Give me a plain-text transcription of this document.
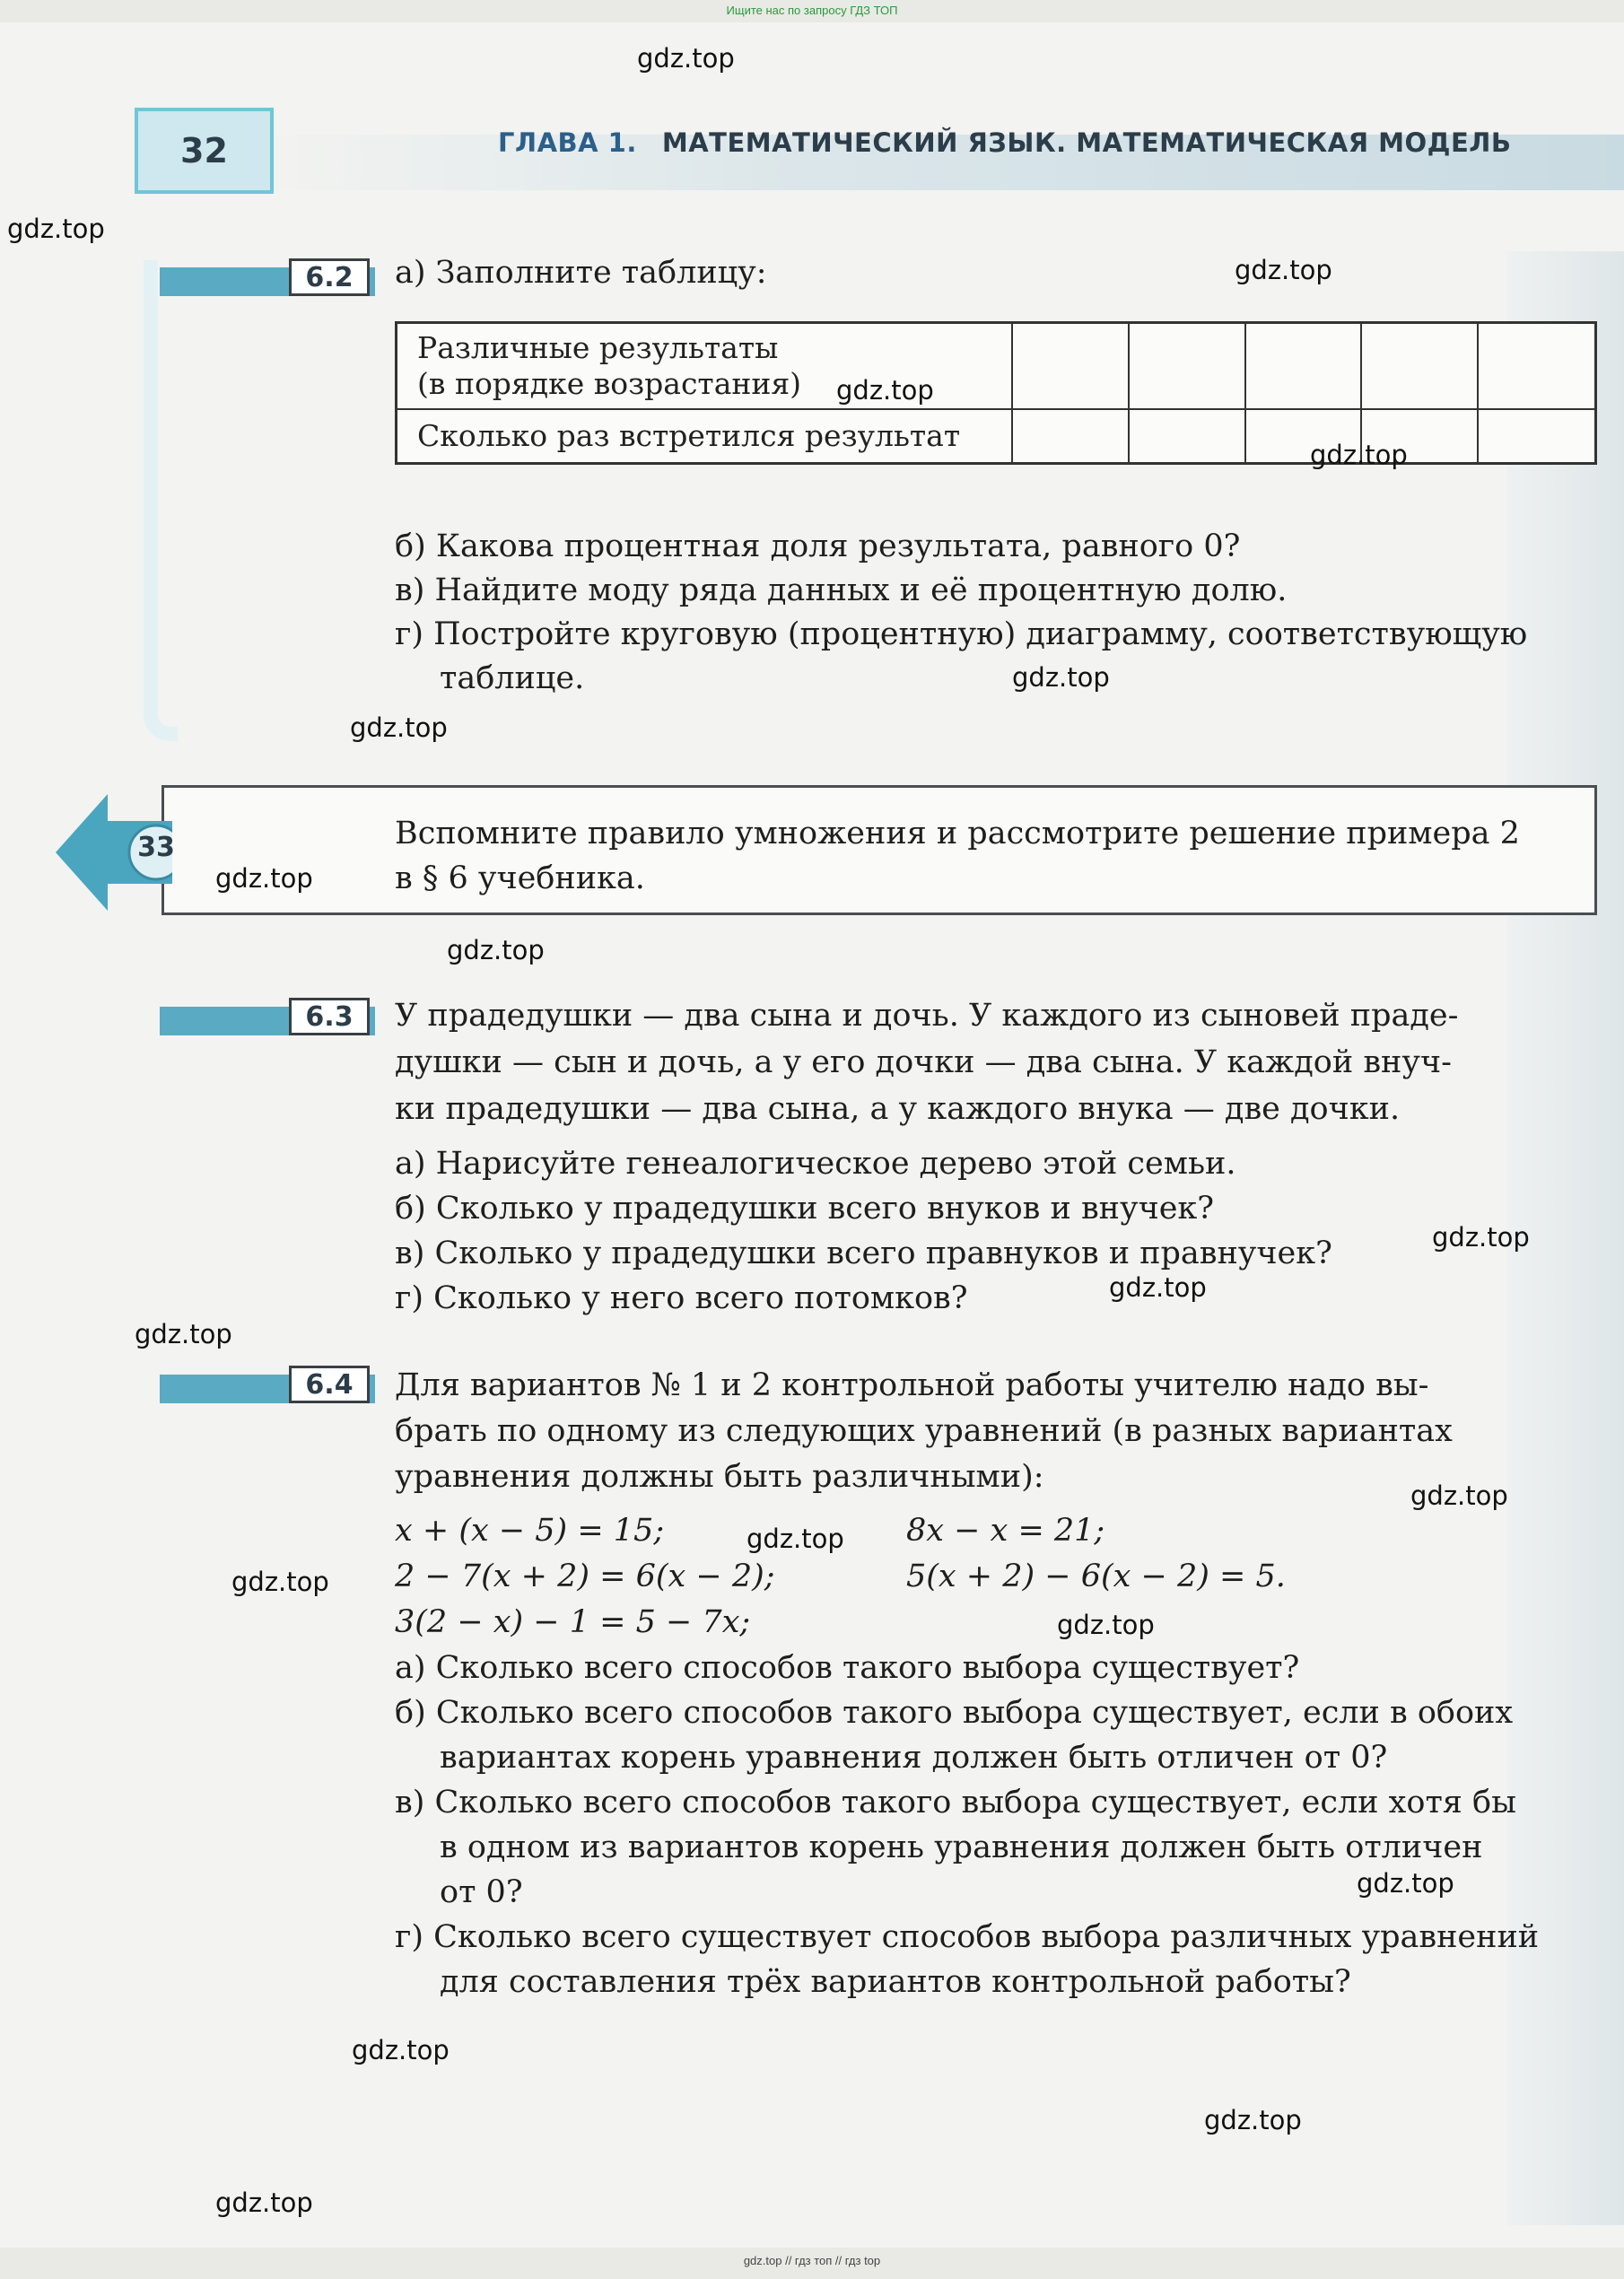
Ищите нас по запросу ГДЗ ТОП
32	ГЛАВА 1. МАТЕМАТИЧЕСКИЙ ЯЗЫК. МАТЕМАТИЧЕСКАЯ МОДЕЛЬ
6.2	а) Заполните таблицу:
Различные результаты
(в порядке возрастания)					

Сколько раз встретился результат					
б) Какова процентная доля результата, равного 0?
в) Найдите моду ряда данных и её процентную долю.
г) Постройте круговую (процентную) диаграмму, соответствующую
таблице.
33	Вспомните правило умножения и рассмотрите решение примера 2
в § 6 учебника.
6.3	У прадедушки — два сына и дочь. У каждого из сыновей праде-
душки — сын и дочь, а у его дочки — два сына. У каждой внуч-
ки прадедушки — два сына, а у каждого внука — две дочки.
а) Нарисуйте генеалогическое дерево этой семьи.
б) Сколько у прадедушки всего внуков и внучек?
в) Сколько у прадедушки всего правнуков и правнучек?
г) Сколько у него всего потомков?
6.4	Для вариантов № 1 и 2 контрольной работы учителю надо вы-
брать по одному из следующих уравнений (в разных вариантах
уравнения должны быть различными):
x + (x − 5) = 15;	8x − x = 21;
2 − 7(x + 2) = 6(x − 2);	5(x + 2) − 6(x − 2) = 5.
3(2 − x) − 1 = 5 − 7x;
а) Сколько всего способов такого выбора существует?
б) Сколько всего способов такого выбора существует, если в обоих
вариантах корень уравнения должен быть отличен от 0?
в) Сколько всего способов такого выбора существует, если хотя бы
в одном из вариантов корень уравнения должен быть отличен
от 0?
г) Сколько всего существует способов выбора различных уравнений
для составления трёх вариантов контрольной работы?
gdz.top
gdz.top
gdz.top
gdz.top
gdz.top
gdz.top
gdz.top
gdz.top
gdz.top
gdz.top
gdz.top
gdz.top
gdz.top
gdz.top
gdz.top
gdz.top
gdz.top
gdz.top
gdz.top
gdz.top
gdz.top // гдз топ // гдз top
